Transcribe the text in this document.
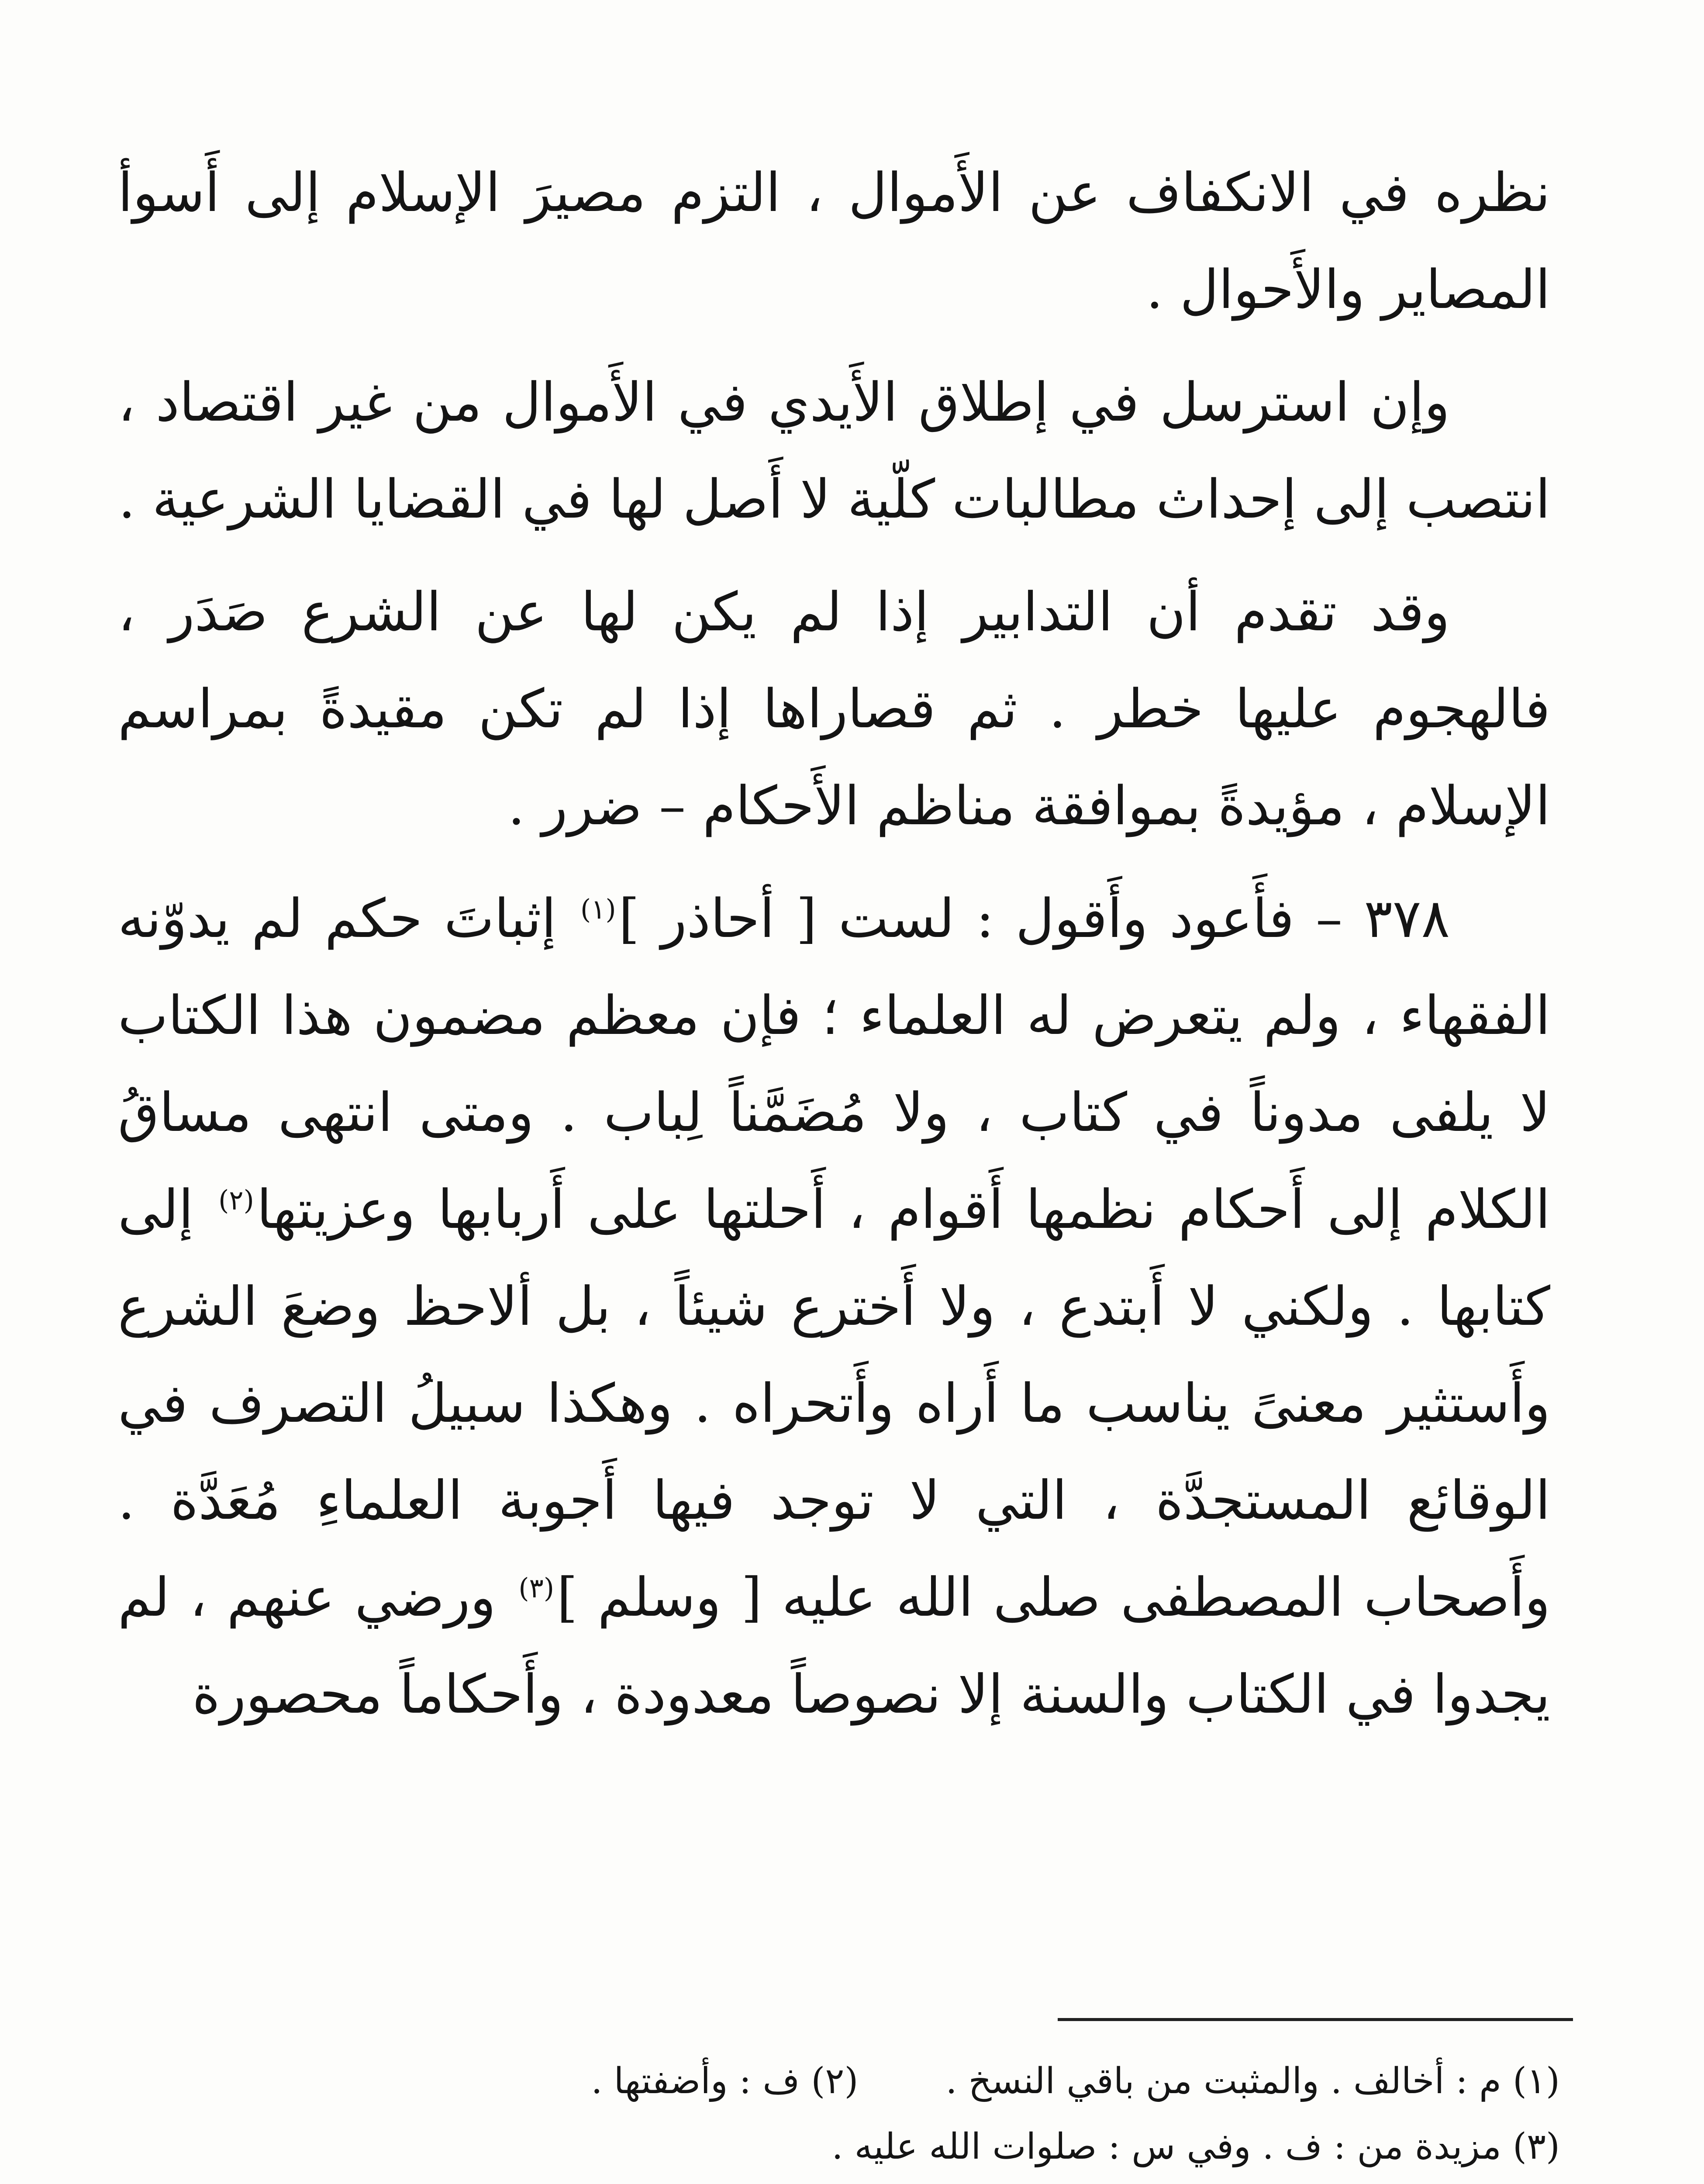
نظره في الانكفاف عن الأَموال ، التزم مصيرَ الإسلام إلى أَسوأ المصاير والأَحوال .

وإن استرسل في إطلاق الأَيدي في الأَموال من غير اقتصاد ، انتصب إلى إحداث مطالبات كلّية لا أَصل لها في القضايا الشرعية .

وقد تقدم أن التدابير إذا لم يكن لها عن الشرع صَدَر ، فالهجوم عليها خطر . ثم قصاراها إذا لم تكن مقيدةً بمراسم الإسلام ، مؤيدةً بموافقة مناظم الأَحكام – ضرر .

٣٧٨ – فأَعود وأَقول : لست [ أحاذر ]$^{(١)}$ إثباتَ حكم لم يدوّنه الفقهاء ، ولم يتعرض له العلماء ؛ فإن معظم مضمون هذا الكتاب لا يلفى مدوناً في كتاب ، ولا مُضَمَّناً لِباب . ومتى انتهى مساقُ الكلام إلى أَحكام نظمها أَقوام ، أَحلتها على أَربابها وعزيتها$^{(٢)}$ إلى كتابها . ولكني لا أَبتدع ، ولا أَخترع شيئاً ، بل ألاحظ وضعَ الشرع وأَستثير معنىً يناسب ما أَراه وأَتحراه . وهكذا سبيلُ التصرف في الوقائع المستجدَّة ، التي لا توجد فيها أَجوبة العلماءِ مُعَدَّة . وأَصحاب المصطفى صلى الله عليه [ وسلم ]$^{(٣)}$ ورضي عنهم ، لم يجدوا في الكتاب والسنة إلا نصوصاً معدودة ، وأَحكاماً محصورة

(١) م : أخالف . والمثبت من باقي النسخ .(٢) ف : وأضفتها .
(٣) مزيدة من : ف . وفي س : صلوات الله عليه .
